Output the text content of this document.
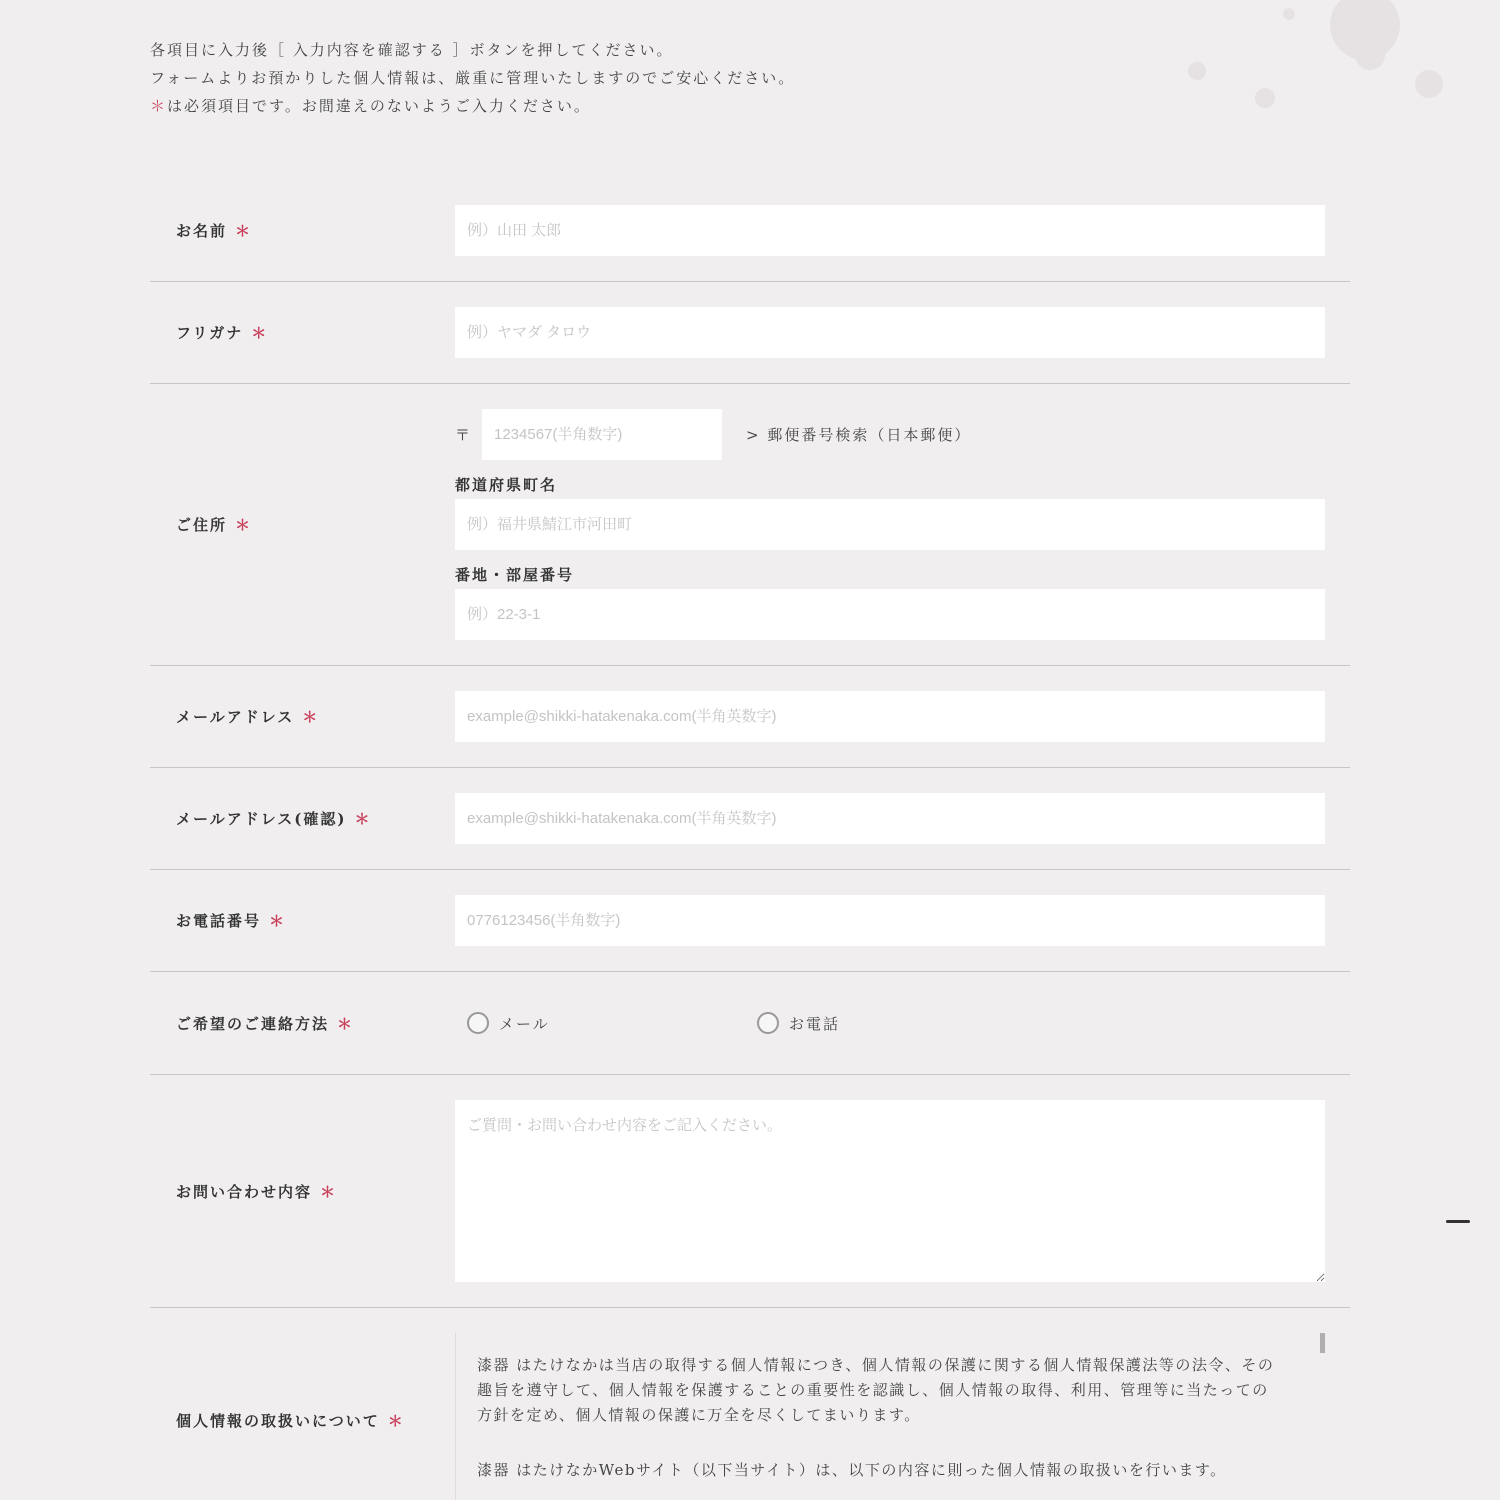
各項目に入力後［ 入力内容を確認する ］ボタンを押してください。
フォームよりお預かりした個人情報は、厳重に管理いたしますのでご安心ください。
＊は必須項目です。お間違えのないようご入力ください。
お名前 ＊
例）山田 太郎
フリガナ ＊
例）ヤマダ タロウ
ご住所 ＊
〒
1234567(半角数字)	> 郵便番号検索（日本郵便）
都道府県町名
例）福井県鯖江市河田町
番地・部屋番号
例）22-3-1
メールアドレス ＊
example@shikki-hatakenaka.com(半角英数字)
メールアドレス(確認) ＊
example@shikki-hatakenaka.com(半角英数字)
お電話番号 ＊
0776123456(半角数字)
ご希望のご連絡方法 ＊	メール	お電話
お問い合わせ内容 ＊
ご質問・お問い合わせ内容をご記入ください。
個人情報の取扱いについて ＊

漆器 はたけなかは当店の取得する個人情報につき、個人情報の保護に関する個人情報保護法等の法令、その趣旨を遵守して、個人情報を保護することの重要性を認識し、個人情報の取得、利用、管理等に当たっての方針を定め、個人情報の保護に万全を尽くしてまいります。

漆器 はたけなかWebサイト（以下当サイト）は、以下の内容に則った個人情報の取扱いを行います。
